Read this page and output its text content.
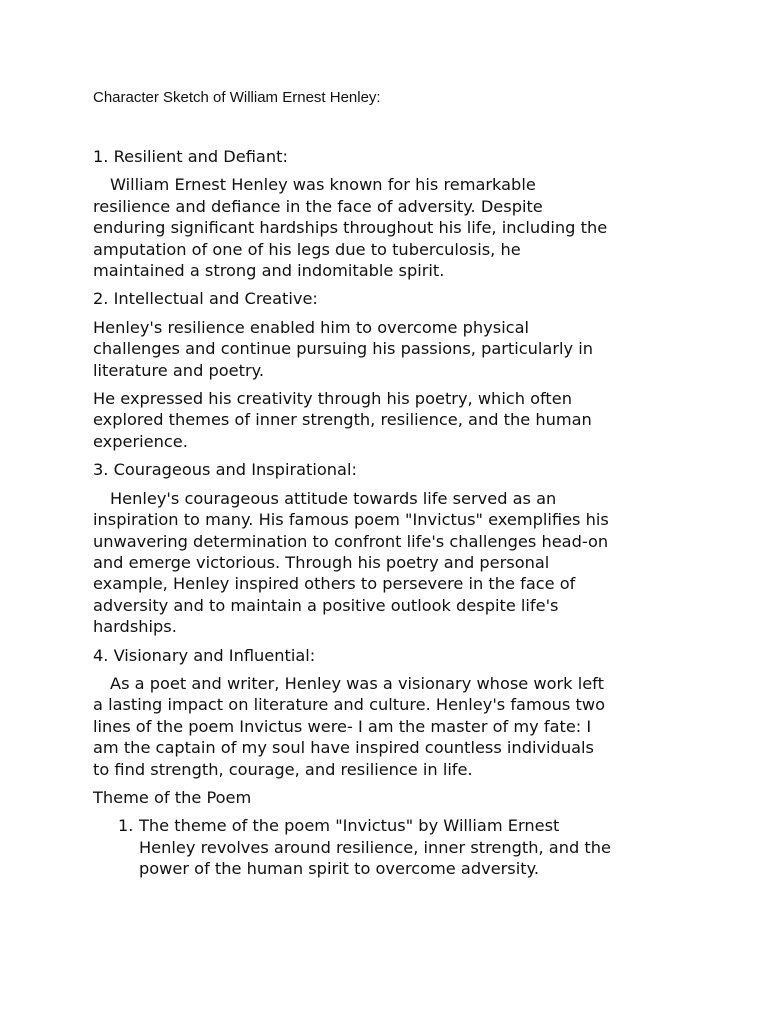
Character Sketch of William Ernest Henley:
1. Resilient and Defiant:

William Ernest Henley was known for his remarkable
resilience and defiance in the face of adversity. Despite
enduring significant hardships throughout his life, including the
amputation of one of his legs due to tuberculosis, he
maintained a strong and indomitable spirit.

2. Intellectual and Creative:

Henley's resilience enabled him to overcome physical
challenges and continue pursuing his passions, particularly in
literature and poetry.

He expressed his creativity through his poetry, which often
explored themes of inner strength, resilience, and the human
experience.

3. Courageous and Inspirational:

Henley's courageous attitude towards life served as an
inspiration to many. His famous poem "Invictus" exemplifies his
unwavering determination to confront life's challenges head-on
and emerge victorious. Through his poetry and personal
example, Henley inspired others to persevere in the face of
adversity and to maintain a positive outlook despite life's
hardships.

4. Visionary and Influential:

As a poet and writer, Henley was a visionary whose work left
a lasting impact on literature and culture. Henley's famous two
lines of the poem Invictus were- I am the master of my fate: I
am the captain of my soul have inspired countless individuals
to find strength, courage, and resilience in life.

Theme of the Poem
1. The theme of the poem "Invictus" by William Ernest
Henley revolves around resilience, inner strength, and the
power of the human spirit to overcome adversity.
